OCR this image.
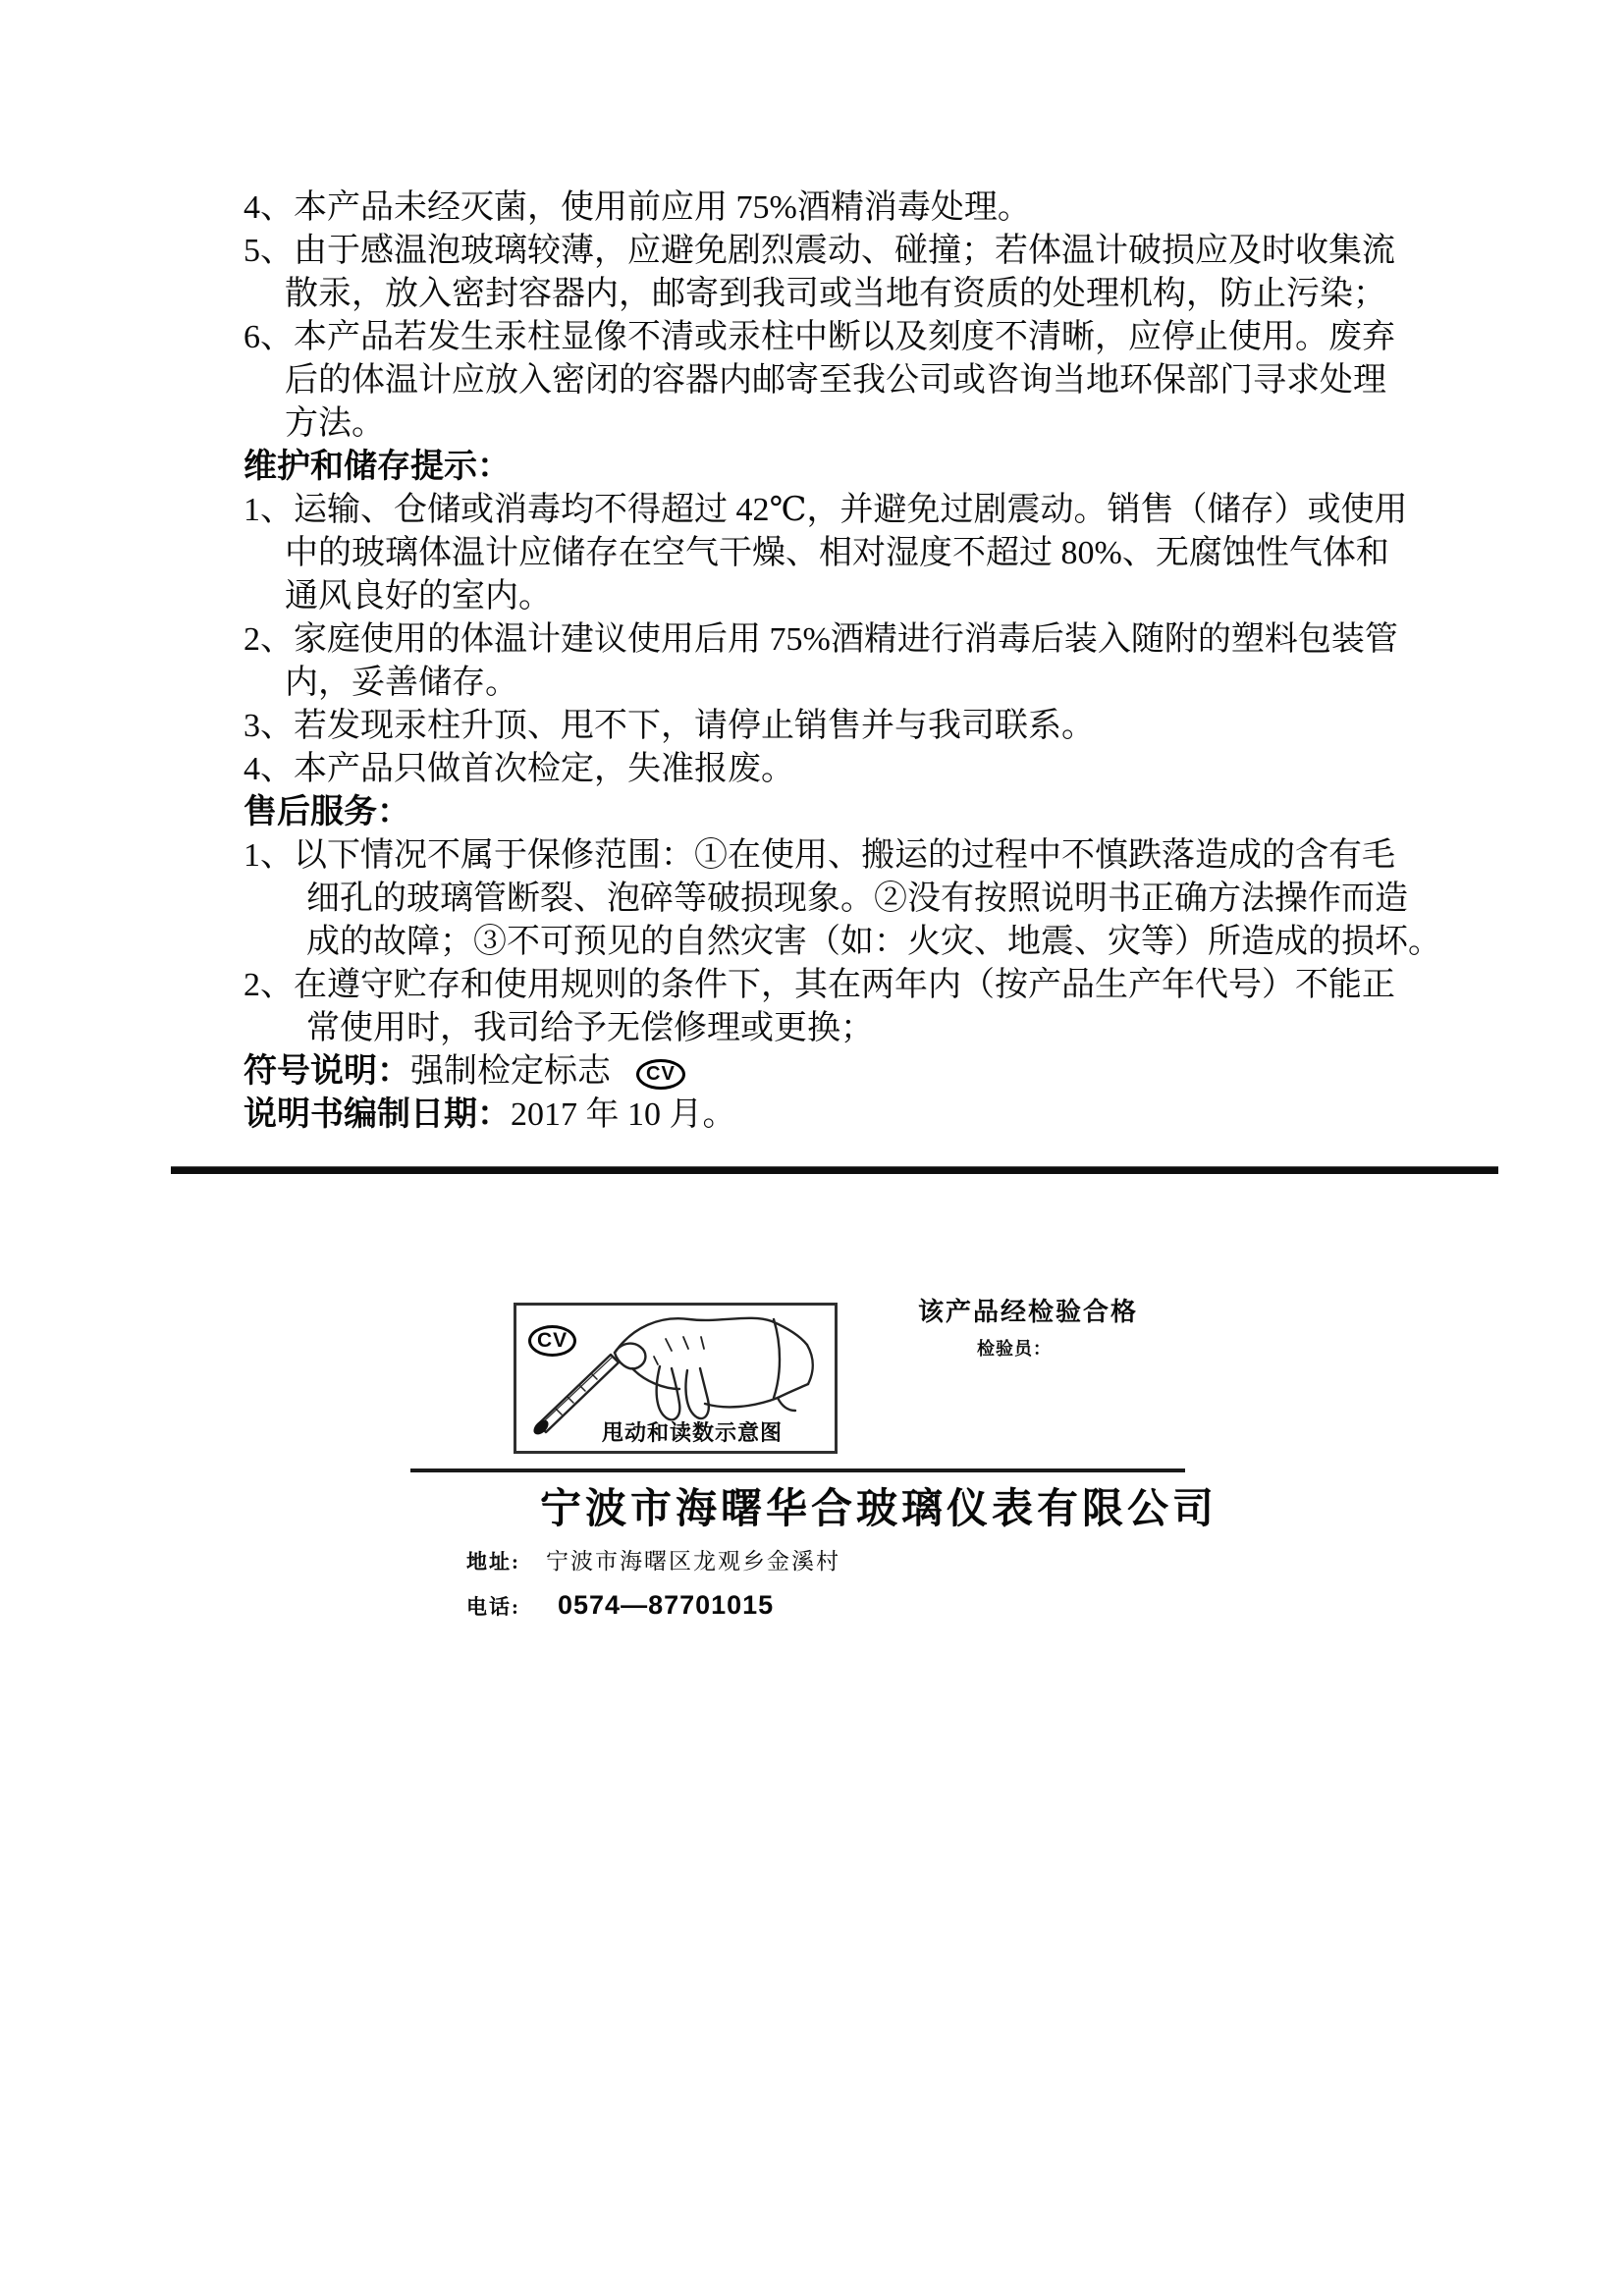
4、本产品未经灭菌，使用前应用 75%酒精消毒处理。
5、由于感温泡玻璃较薄，应避免剧烈震动、碰撞；若体温计破损应及时收集流
散汞，放入密封容器内，邮寄到我司或当地有资质的处理机构，防止污染；
6、本产品若发生汞柱显像不清或汞柱中断以及刻度不清晰，应停止使用。废弃
后的体温计应放入密闭的容器内邮寄至我公司或咨询当地环保部门寻求处理
方法。
维护和储存提示：
1、运输、仓储或消毒均不得超过 42℃，并避免过剧震动。销售（储存）或使用
中的玻璃体温计应储存在空气干燥、相对湿度不超过 80%、无腐蚀性气体和
通风良好的室内。
2、家庭使用的体温计建议使用后用 75%酒精进行消毒后装入随附的塑料包装管
内，妥善储存。
3、若发现汞柱升顶、甩不下，请停止销售并与我司联系。
4、本产品只做首次检定，失准报废。
售后服务：
1、以下情况不属于保修范围：①在使用、搬运的过程中不慎跌落造成的含有毛
细孔的玻璃管断裂、泡碎等破损现象。②没有按照说明书正确方法操作而造
成的故障；③不可预见的自然灾害（如：火灾、地震、灾等）所造成的损坏。
2、在遵守贮存和使用规则的条件下，其在两年内（按产品生产年代号）不能正
常使用时，我司给予无偿修理或更换；
符号说明：强制检定标志 CV
说明书编制日期：2017 年 10 月。
CV
甩动和读数示意图
该产品经检验合格
检验员：
宁波市海曙华合玻璃仪表有限公司
地址: 宁波市海曙区龙观乡金溪村
电话: 0574—87701015
